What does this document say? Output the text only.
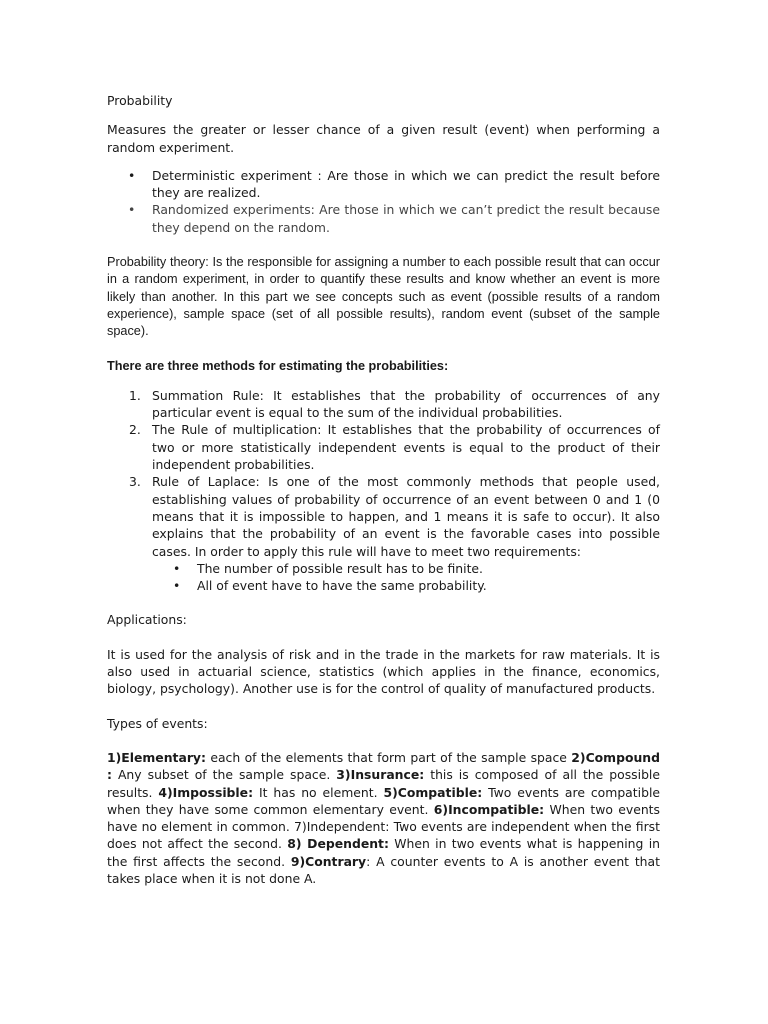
Probability

Measures the greater or lesser chance of a given result (event) when performing a random experiment.

• Deterministic experiment : Are those in which we can predict the result before they are realized.
• Randomized experiments: Are those in which we can’t predict the result because they depend on the random.

Probability theory: Is the responsible for assigning a number to each possible result that can occur in a random experiment, in order to quantify these results and know whether an event is more likely than another. In this part we see concepts such as event (possible results of a random experience), sample space (set of all possible results), random event (subset of the sample space).

There are three methods for estimating the probabilities:

1. Summation Rule: It establishes that the probability of occurrences of any particular event is equal to the sum of the individual probabilities.
2. The Rule of multiplication: It establishes that the probability of occurrences of two or more statistically independent events is equal to the product of their independent probabilities.
3. Rule of Laplace: Is one of the most commonly methods that people used, establishing values of probability of occurrence of an event between 0 and 1 (0 means that it is impossible to happen, and 1 means it is safe to occur). It also explains that the probability of an event is the favorable cases into possible cases. In order to apply this rule will have to meet two requirements:
• The number of possible result has to be finite.
• All of event have to have the same probability.

Applications:

It is used for the analysis of risk and in the trade in the markets for raw materials. It is also used in actuarial science, statistics (which applies in the finance, economics, biology, psychology). Another use is for the control of quality of manufactured products.

Types of events:

1)Elementary: each of the elements that form part of the sample space 2)Compound : Any subset of the sample space. 3)Insurance: this is composed of all the possible results. 4)Impossible: It has no element. 5)Compatible: Two events are compatible when they have some common elementary event. 6)Incompatible: When two events have no element in common. 7)Independent: Two events are independent when the first does not affect the second. 8) Dependent: When in two events what is happening in the first affects the second. 9)Contrary: A counter events to A is another event that takes place when it is not done A.
